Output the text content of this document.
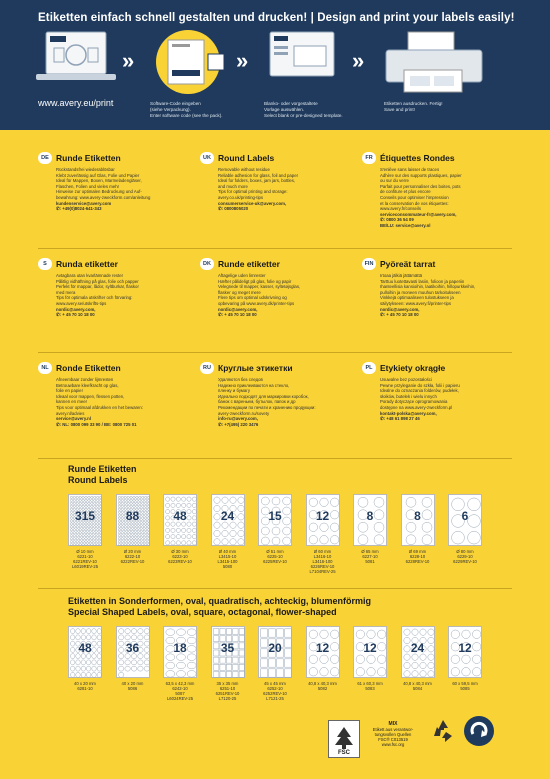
Etiketten einfach schnell gestalten und drucken! | Design and print your labels easily!
»
Software-Code eingeben
(siehe Verpackung).
Enter software code (see the pack).
»
Blanko- oder vorgestaltete
Vorlage auswählen.
Select blank or pre-designed template.
»
Etiketten ausdrucken. Fertig!
Save and print!
www.avery.eu/print
DE Runde Etiketten
Rückstandsfrei wiederablösbar
Klebt zuverlässig auf Glas, Folie und Papier
Ideal für Mappen, Boxen, Marmeladengläser,
Flaschen, Folien und vieles mehr
Hinweise zur optimalen Bedruckung und Auf-
bewahrung: www.avery-zweckform.com/anleitung
kundenservice@avery.com
✆: +49(0)8024-641-343
UK Round Labels
Removable without residue
Reliable adhesion for glass, foil and paper
Ideal for folders, boxes, jam jars, bottles,
and much more
Tips for optimal printing and storage:
avery.co.uk/printing-tips
consumerservice-uk@avery.com,
✆: 0800805020
FR Étiquettes Rondes
S'enlève sans laisser de traces
Adhère sur des supports plastiques, papier
ou sur du verre
Parfait pour personnaliser des boites, pots
de confiture et plus encore
Conseils pour optimiser l'impression
et la conservation de vos étiquettes:
www.avery.fr/conseils
serviceconsommateur-fr@avery.com,
✆: 0800 36 54 09
BE/LU: service@avery.nl
S	Runda etiketter
Avtagbara utan kvarlämnade rester
Pålitlig vidhäftning på glas, folie och papper
Perfekt för mappar, lådor, syltburkar, flaskor
med mera
Tips för optimala utskrifter och förvaring:
www.avery.se/utskrifts-tips
nordic@avery.com,
✆: + 45 70 10 18 00
DK Runde etiketter
Aftagelige uden limrester
Hæfter pålideligt på glas, folie og papir
Velegnede til mapper, kasser, syltetøjsglas,
flasker og meget mere
Flere tips om optimal udskrivning og
opbevaring på www.avery.dk/printer-tips
nordic@avery.com,
✆: + 45 70 10 18 00
FIN Pyöreät tarrat
Irtoaa jälkiä jättämättä
Tarttuu luotettavasti lasiin, folioon ja paperiin
Ihanteellisia kansioihin, laatikoihin, hillopurkkeihin,
pulloihin ja moneen muuhun tarkoitukseen
Vinkkejä optimaaliseen tulostukseen ja
säilytykseen: www.avery.fi/printer-tips
nordic@avery.com,
✆: + 45 70 10 18 00
NL Ronde Etiketten
Afneembaar zonder lijmresten
Betrouwbare kleefkracht op glas,
folie en papier
Ideaal voor mappen, flessen potten,
kannen en meer
Tips voor optimaal afdrukken en het bewaren:
avery.nl/advies
service@avery.nl
✆: NL: 0800 099 33 90 / BE: 0800 725 01
RU Круглые этикетки
Удаляются без следов
Надежно приклеиваются на стекло,
пленку и бумагу
Идеально подходят для маркировки коробок,
банок с вареньем, бутылок, папок и др
Рекомендации по печати и хранению продукции:
avery-zweckform.ru/sovety
info-ru@avery.com,
✆: +7(495) 220 3476
PL Etykiety okrągłe
Usuwalne bez pozostałości
Pewne przyleganie do szkła, folii i papieru
Idealne do oznaczania folderów, pudełek,
słoików, butelek i wielu innych
Porady dotyczące oprogramowania
dostępne na www.avery-zweckform.pl
kontakt-polska@avery.com,
✆: +48 61 898 27 46
Runde Etiketten
Round Labels
315
Ø 10 mm
6221-10
6221REV-10
L6019REV-25
88
Ø 20 mm
6222-10
6222REV-10
48
Ø 30 mm
6223-10
6223REV-10
24
Ø 40 mm
L3415-10
L3415-100
5080
15
Ø 51 mm
6225-10
6225REV-10
12
Ø 60 mm
L3416-10
L3416-100
6226REV-10
L7104REV-25
8
Ø 65 mm
6227-10
5081
8
Ø 69 mm
6228-10
6228REV-10
6
Ø 80 mm
6229-10
6229REV-10
Etiketten in Sonderformen, oval, quadratisch, achteckig, blumenförmig
Special Shaped Labels, oval, square, octagonal, flower-shaped
48
40 x 20 mm
6281-10
36
40 x 20 mm
5086
18
63,5 x 42,3 mm
6242-10
5087
L6024REV-25
35
35 x 35 mm
6251-10
6251REV-10
L7120-25
20
45 x 45 mm
6252-10
6252REV-10
L7121-25
12
40,8 x 40,3 mm
5082
12
61 x 60,3 mm
5083
24
40,8 x 40,3 mm
5084
12
60 x 59,5 mm
5085
FSC
MIX
Etikett aus verantwor-
tungsvollen Quellen
FSC® C013519
www.fsc.org
